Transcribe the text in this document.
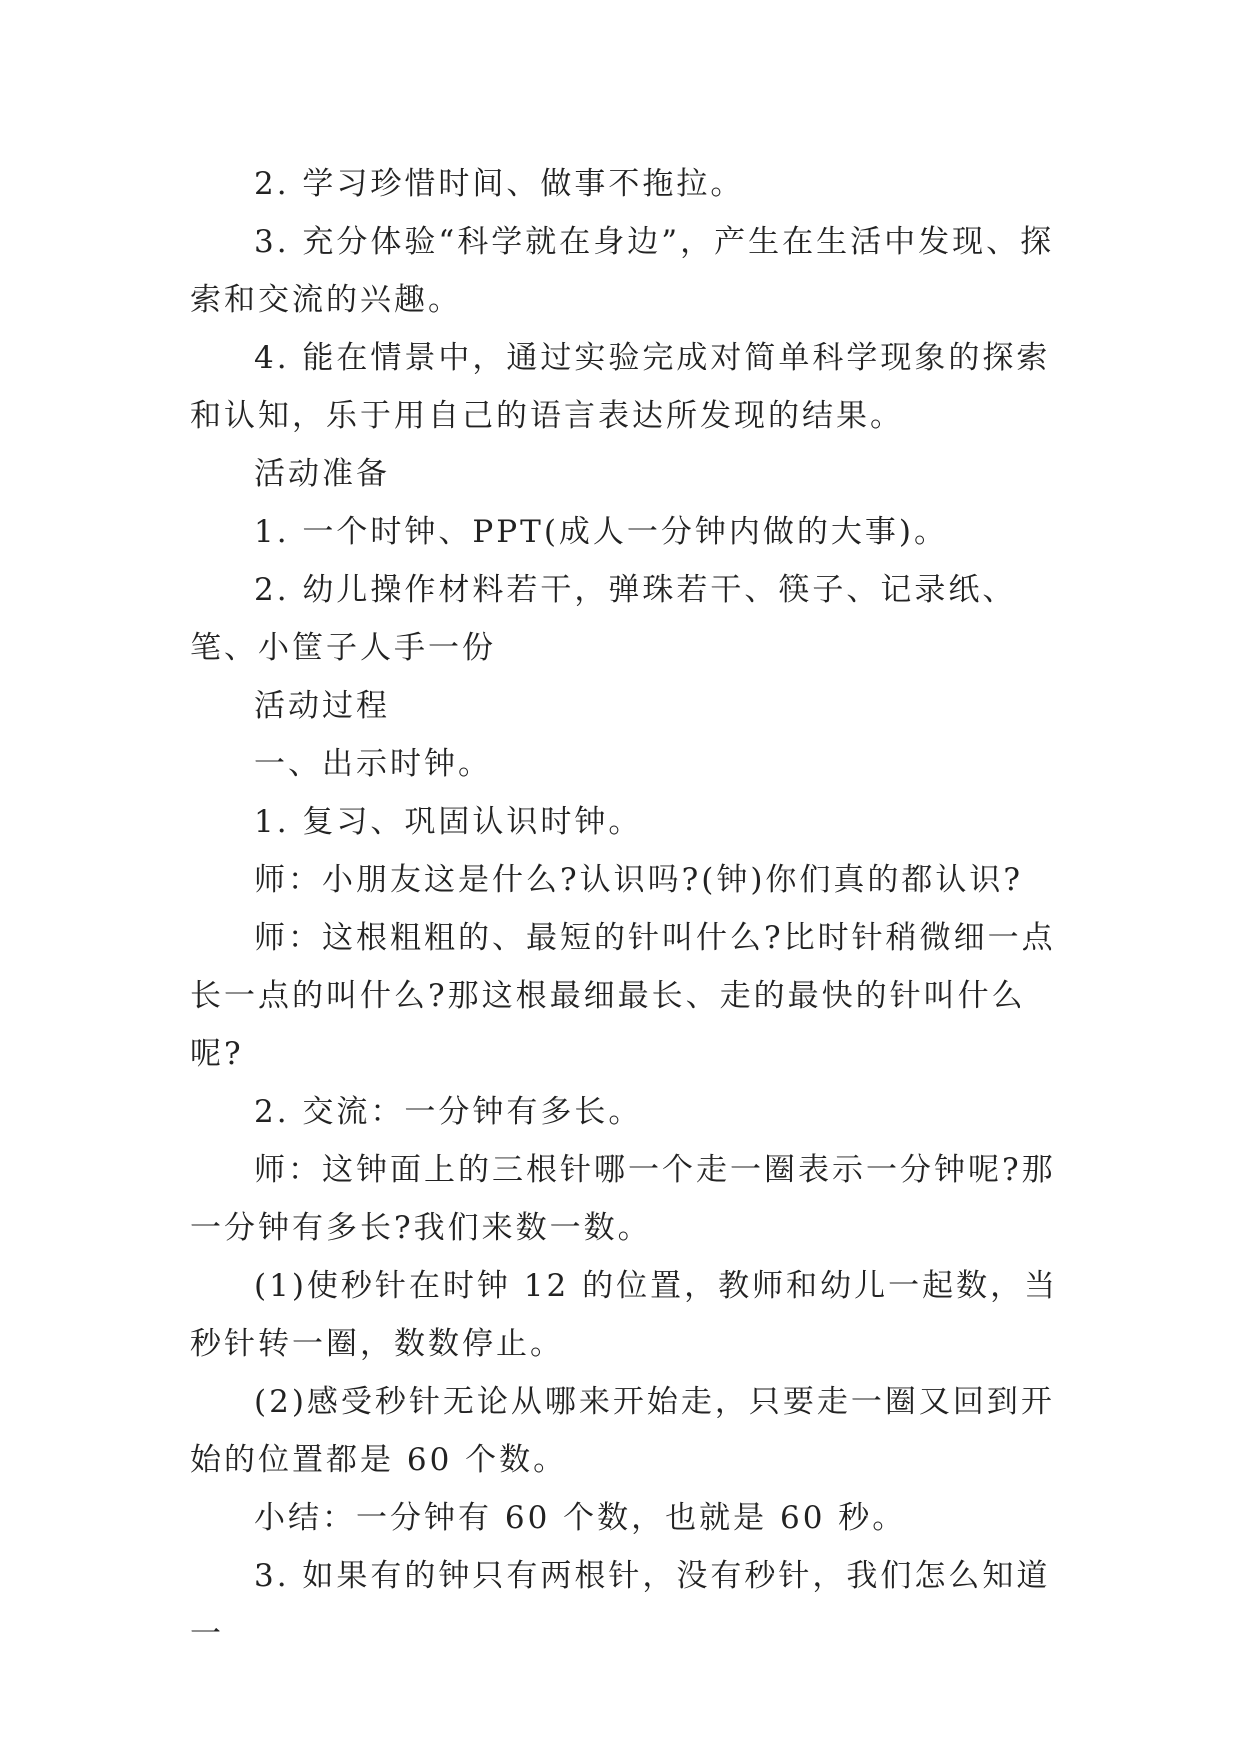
2. 学习珍惜时间、做事不拖拉。

3. 充分体验“科学就在身边”，产生在生活中发现、探索和交流的兴趣。

4. 能在情景中，通过实验完成对简单科学现象的探索和认知，乐于用自己的语言表达所发现的结果。

活动准备

1. 一个时钟、PPT(成人一分钟内做的大事)。

2. 幼儿操作材料若干，弹珠若干、筷子、记录纸、笔、小筐子人手一份

活动过程

一、出示时钟。

1. 复习、巩固认识时钟。

师：小朋友这是什么?认识吗?(钟)你们真的都认识?

师：这根粗粗的、最短的针叫什么?比时针稍微细一点长一点的叫什么?那这根最细最长、走的最快的针叫什么呢?

2. 交流：一分钟有多长。

师：这钟面上的三根针哪一个走一圈表示一分钟呢?那一分钟有多长?我们来数一数。

(1)使秒针在时钟 12 的位置，教师和幼儿一起数，当秒针转一圈，数数停止。

(2)感受秒针无论从哪来开始走，只要走一圈又回到开始的位置都是 60 个数。

小结：一分钟有 60 个数，也就是 60 秒。

3. 如果有的钟只有两根针，没有秒针，我们怎么知道一
